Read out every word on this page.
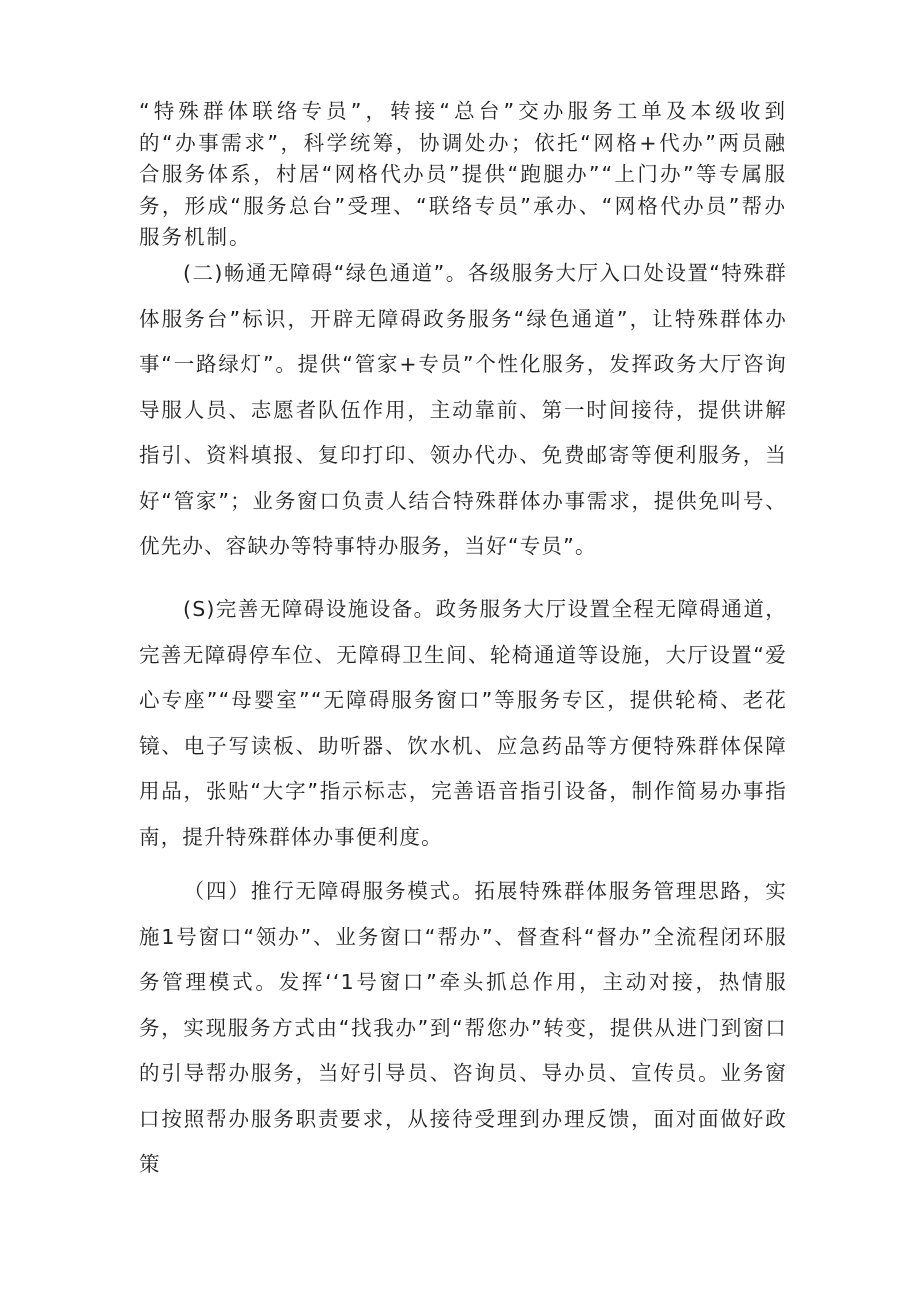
“特殊群体联络专员”，转接“总台”交办服务工单及本级收到的“办事需求”，科学统筹，协调处办；依托“网格+代办”两员融合服务体系，村居“网格代办员”提供“跑腿办”“上门办”等专属服务，形成“服务总台”受理、“联络专员”承办、“网格代办员”帮办服务机制。

(二)畅通无障碍“绿色通道”。各级服务大厅入口处设置“特殊群体服务台”标识，开辟无障碍政务服务“绿色通道”，让特殊群体办事“一路绿灯”。提供“管家+专员”个性化服务，发挥政务大厅咨询导服人员、志愿者队伍作用，主动靠前、第一时间接待，提供讲解指引、资料填报、复印打印、领办代办、免费邮寄等便利服务，当好“管家”；业务窗口负责人结合特殊群体办事需求，提供免叫号、优先办、容缺办等特事特办服务，当好“专员”。

(S)完善无障碍设施设备。政务服务大厅设置全程无障碍通道，完善无障碍停车位、无障碍卫生间、轮椅通道等设施，大厅设置“爱心专座”“母婴室”“无障碍服务窗口”等服务专区，提供轮椅、老花镜、电子写读板、助听器、饮水机、应急药品等方便特殊群体保障用品，张贴“大字”指示标志，完善语音指引设备，制作简易办事指南，提升特殊群体办事便利度。

（四）推行无障碍服务模式。拓展特殊群体服务管理思路，实施1号窗口“领办”、业务窗口“帮办”、督查科“督办”全流程闭环服务管理模式。发挥‘‘1号窗口”牵头抓总作用，主动对接，热情服务，实现服务方式由“找我办”到“帮您办”转变，提供从进门到窗口的引导帮办服务，当好引导员、咨询员、导办员、宣传员。业务窗口按照帮办服务职责要求，从接待受理到办理反馈，面对面做好政策
